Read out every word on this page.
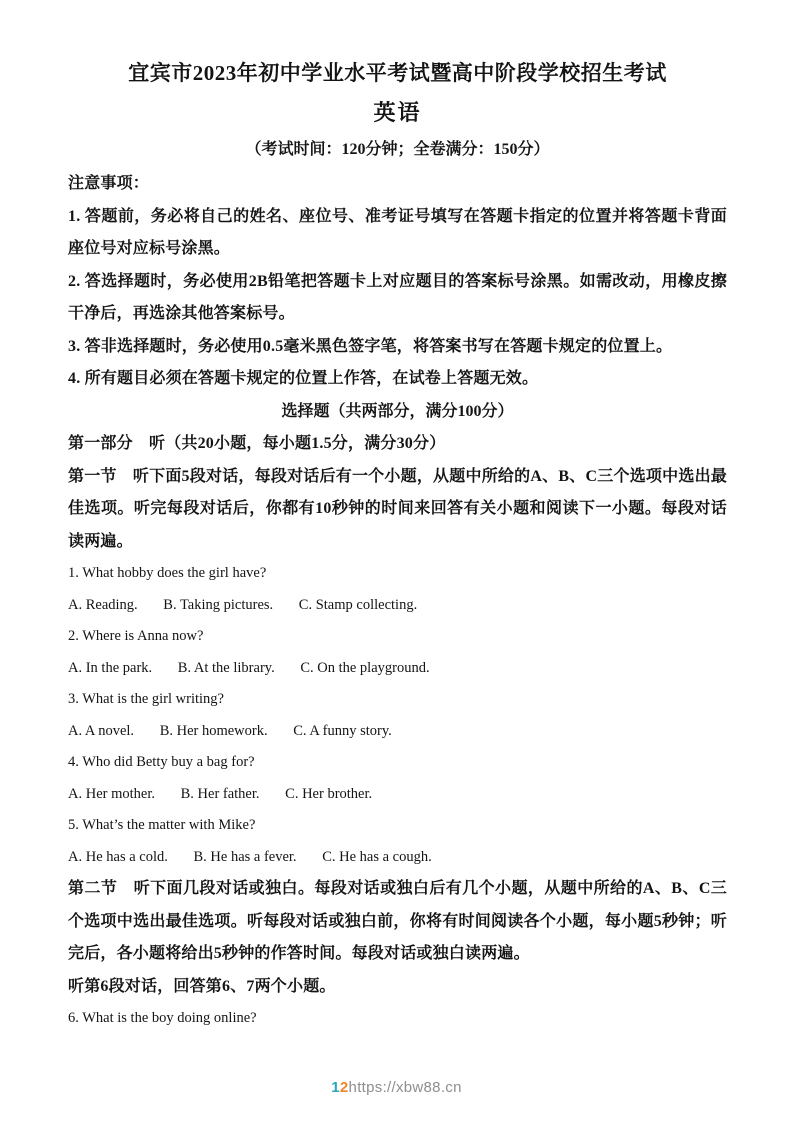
宜宾市2023年初中学业水平考试暨高中阶段学校招生考试
英语
（考试时间：120分钟；全卷满分：150分）

注意事项：

1. 答题前，务必将自己的姓名、座位号、准考证号填写在答题卡指定的位置并将答题卡背面座位号对应标号涂黑。

2. 答选择题时，务必使用2B铅笔把答题卡上对应题目的答案标号涂黑。如需改动，用橡皮擦干净后，再选涂其他答案标号。

3. 答非选择题时，务必使用0.5毫米黑色签字笔，将答案书写在答题卡规定的位置上。

4. 所有题目必须在答题卡规定的位置上作答，在试卷上答题无效。

选择题（共两部分，满分100分）

第一部分　听（共20小题，每小题1.5分，满分30分）

第一节　听下面5段对话，每段对话后有一个小题，从题中所给的A、B、C三个选项中选出最佳选项。听完每段对话后，你都有10秒钟的时间来回答有关小题和阅读下一小题。每段对话读两遍。

1. What hobby does the girl have?

A. Reading. B. Taking pictures. C. Stamp collecting.

2. Where is Anna now?

A. In the park. B. At the library. C. On the playground.

3. What is the girl writing?

A. A novel. B. Her homework. C. A funny story.

4. Who did Betty buy a bag for?

A. Her mother. B. Her father. C. Her brother.

5. What’s the matter with Mike?

A. He has a cold. B. He has a fever. C. He has a cough.

第二节　听下面几段对话或独白。每段对话或独白后有几个小题，从题中所给的A、B、C三个选项中选出最佳选项。听每段对话或独白前，你将有时间阅读各个小题，每小题5秒钟；听完后，各小题将给出5秒钟的作答时间。每段对话或独白读两遍。

听第6段对话，回答第6、7两个小题。

6. What is the boy doing online?

12https://xbw88.cn
